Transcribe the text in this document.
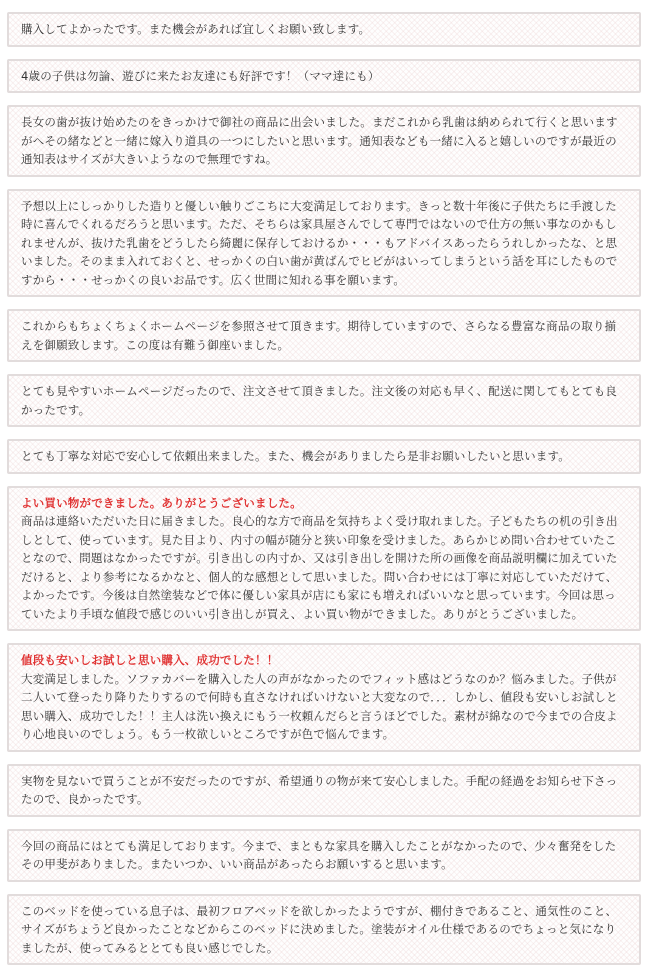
購入してよかったです。また機会があれば宜しくお願い致します。

4歳の子供は勿論、遊びに来たお友達にも好評です！（ママ達にも）

長女の歯が抜け始めたのをきっかけで御社の商品に出会いました。まだこれから乳歯は納められて行くと思いますがへその緒などと一緒に嫁入り道具の一つにしたいと思います。通知表なども一緒に入ると嬉しいのですが最近の通知表はサイズが大きいようなので無理ですね。

予想以上にしっかりした造りと優しい触りごこちに大変満足しております。きっと数十年後に子供たちに手渡した時に喜んでくれるだろうと思います。ただ、そちらは家具屋さんでして専門ではないので仕方の無い事なのかもしれませんが、抜けた乳歯をどうしたら綺麗に保存しておけるか・・・もアドバイスあったらうれしかったな、と思いました。そのまま入れておくと、せっかくの白い歯が黄ばんでヒビがはいってしまうという話を耳にしたものですから・・・せっかくの良いお品です。広く世間に知れる事を願います。

これからもちょくちょくホームページを参照させて頂きます。期待していますので、さらなる豊富な商品の取り揃えを御願致します。この度は有難う御座いました。

とても見やすいホームページだったので、注文させて頂きました。注文後の対応も早く、配送に関してもとても良かったです。

とても丁寧な対応で安心して依頼出来ました。また、機会がありましたら是非お願いしたいと思います。

よい買い物ができました。ありがとうございました。

商品は連絡いただいた日に届きました。良心的な方で商品を気持ちよく受け取れました。子どもたちの机の引き出しとして、使っています。見た目より、内寸の幅が随分と狭い印象を受けました。あらかじめ問い合わせていたことなので、問題はなかったですが。引き出しの内寸か、又は引き出しを開けた所の画像を商品説明欄に加えていただけると、より参考になるかなと、個人的な感想として思いました。問い合わせには丁寧に対応していただけて、よかったです。今後は自然塗装などで体に優しい家具が店にも家にも増えればいいなと思っています。今回は思っていたより手頃な値段で感じのいい引き出しが買え、よい買い物ができました。ありがとうございました。

値段も安いしお試しと思い購入、成功でした！！

大変満足しました。ソファカバーを購入した人の声がなかったのでフィット感はどうなのか？悩みました。子供が二人いて登ったり降りたりするので何時も直さなければいけないと大変なので．．．しかし、値段も安いしお試しと思い購入、成功でした！！主人は洗い換えにもう一枚頼んだらと言うほどでした。素材が綿なので今までの合皮より心地良いのでしょう。もう一枚欲しいところですが色で悩んでます。

実物を見ないで買うことが不安だったのですが、希望通りの物が来て安心しました。手配の経過をお知らせ下さったので、良かったです。

今回の商品にはとても満足しております。今まで、まともな家具を購入したことがなかったので、少々奮発をしたその甲斐がありました。またいつか、いい商品があったらお願いすると思います。

このベッドを使っている息子は、最初フロアベッドを欲しかったようですが、棚付きであること、通気性のこと、サイズがちょうど良かったことなどからこのベッドに決めました。塗装がオイル仕様であるのでちょっと気になりましたが、使ってみるととても良い感じでした。
